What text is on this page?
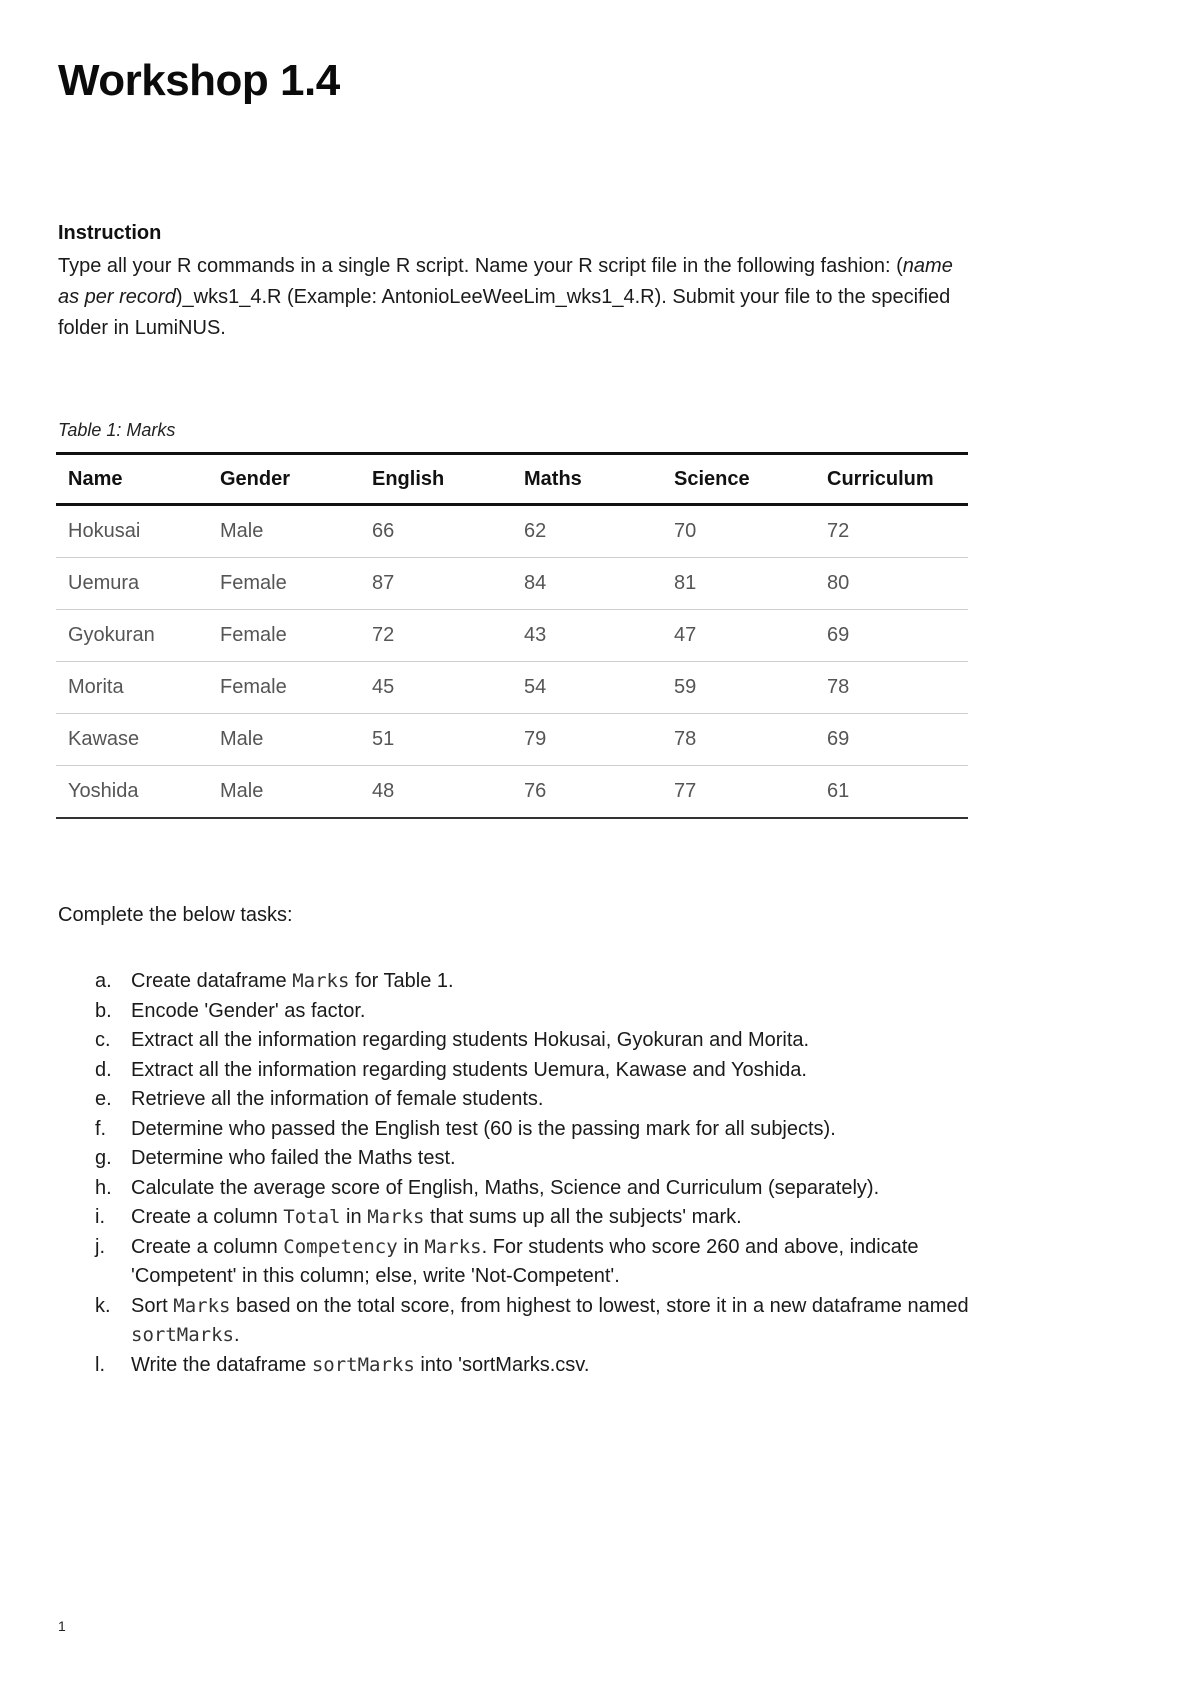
Workshop 1.4

Instruction

Type all your R commands in a single R script. Name your R script file in the following fashion: (name as per record)_wks1_4.R (Example: AntonioLeeWeeLim_wks1_4.R). Submit your file to the specified folder in LumiNUS.

Table 1: Marks
Name	Gender	English	Maths	Science	Curriculum
Hokusai	Male	66	62	70	72
Uemura	Female	87	84	81	80
Gyokuran	Female	72	43	47	69
Morita	Female	45	54	59	78
Kawase	Male	51	79	78	69
Yoshida	Male	48	76	77	61

Complete the below tasks:

a. Create dataframe Marks for Table 1.
b. Encode 'Gender' as factor.
c. Extract all the information regarding students Hokusai, Gyokuran and Morita.
d. Extract all the information regarding students Uemura, Kawase and Yoshida.
e. Retrieve all the information of female students.
f. Determine who passed the English test (60 is the passing mark for all subjects).
g. Determine who failed the Maths test.
h. Calculate the average score of English, Maths, Science and Curriculum (separately).
i. Create a column Total in Marks that sums up all the subjects' mark.
j. Create a column Competency in Marks. For students who score 260 and above, indicate 'Competent' in this column; else, write 'Not-Competent'.
k. Sort Marks based on the total score, from highest to lowest, store it in a new dataframe named sortMarks.
l. Write the dataframe sortMarks into 'sortMarks.csv.
1
